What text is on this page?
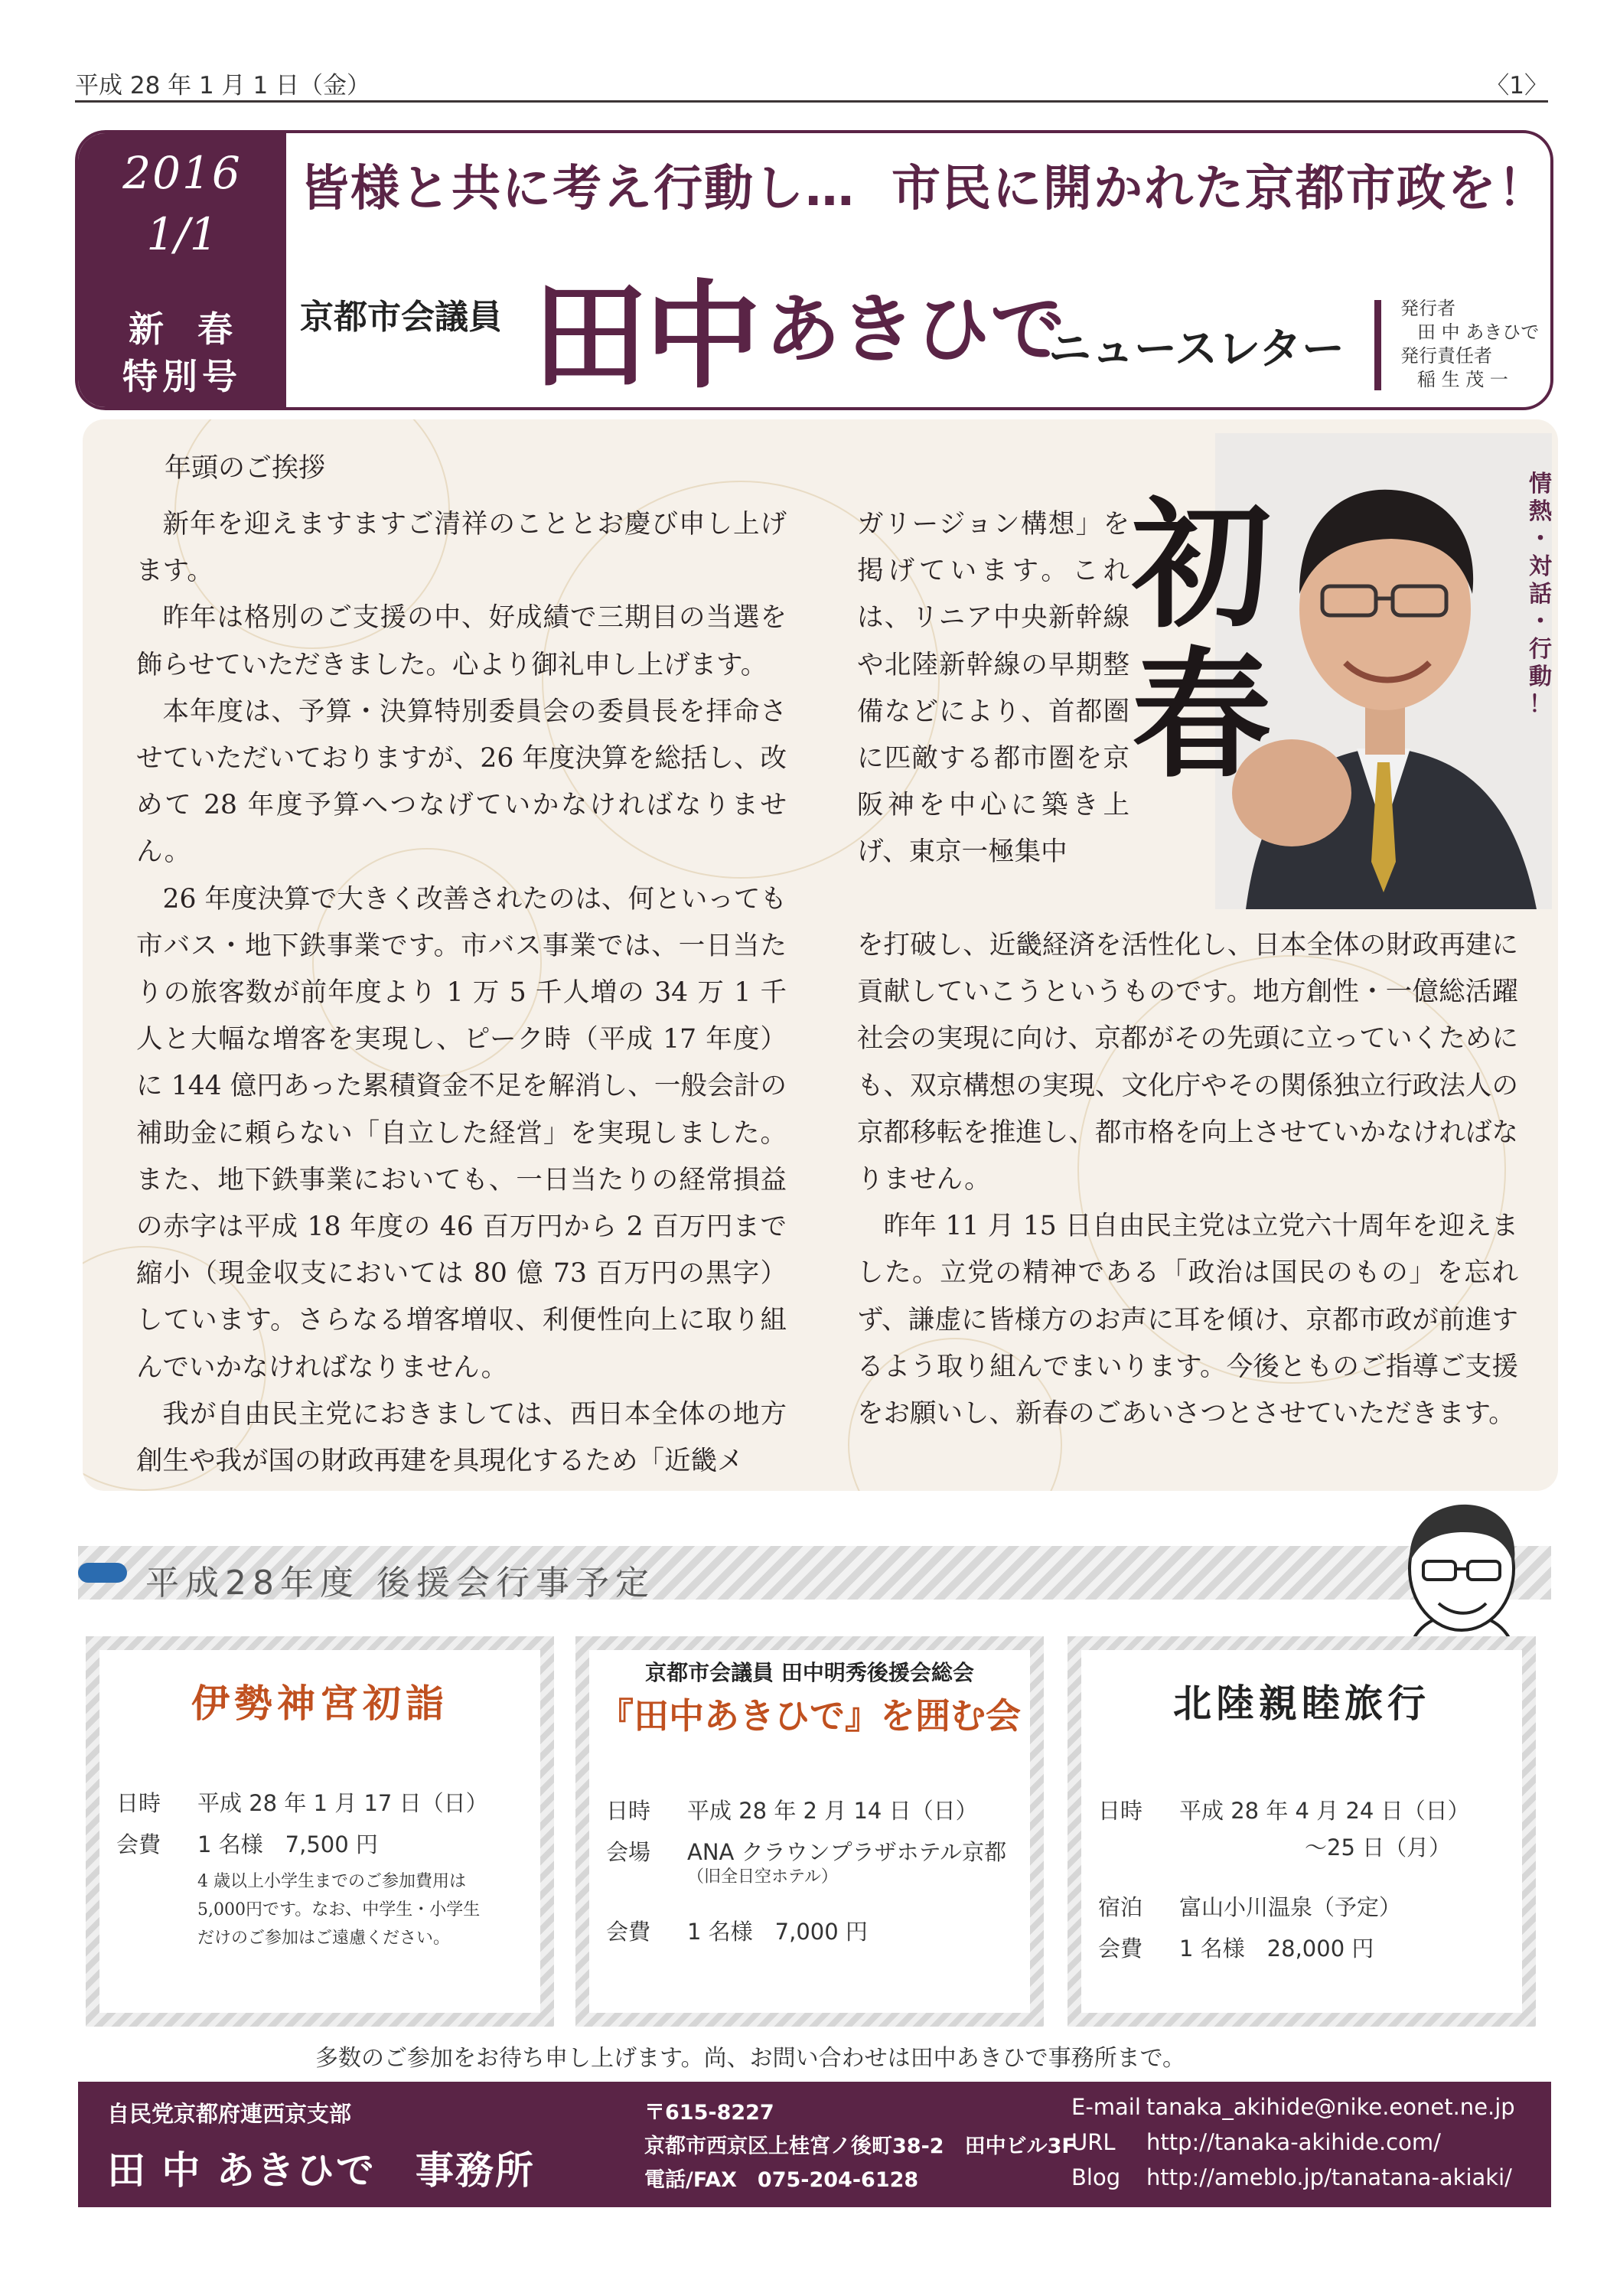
平成 28 年 1 月 1 日（金）	〈1〉
2016
1/1
新春
特別号
皆様と共に考え行動し… 市民に開かれた京都市政を！
京都市会議員 田中 あきひで
ニュースレター
発行者
田 中 あきひで
発行責任者
稲 生 茂 一
年頭のご挨拶

新年を迎えますますご清祥のこととお慶び申し上げます。

昨年は格別のご支援の中、好成績で三期目の当選を飾らせていただきました。心より御礼申し上げます。

本年度は、予算・決算特別委員会の委員長を拝命させていただいておりますが、26 年度決算を総括し、改めて 28 年度予算へつなげていかなければなりません。

26 年度決算で大きく改善されたのは、何といっても市バス・地下鉄事業です。市バス事業では、一日当たりの旅客数が前年度より 1 万 5 千人増の 34 万 1 千人と大幅な増客を実現し、ピーク時（平成 17 年度）に 144 億円あった累積資金不足を解消し、一般会計の補助金に頼らない「自立した経営」を実現しました。また、地下鉄事業においても、一日当たりの経常損益の赤字は平成 18 年度の 46 百万円から 2 百万円まで縮小（現金収支においては 80 億 73 百万円の黒字）しています。さらなる増客増収、利便性向上に取り組んでいかなければなりません。

我が自由民主党におきましては、西日本全体の地方創生や我が国の財政再建を具現化するため「近畿メ

ガリージョン構想」を掲げています。これは、リニア中央新幹線や北陸新幹線の早期整備などにより、首都圏に匹敵する都市圏を京阪神を中心に築き上げ、東京一極集中

を打破し、近畿経済を活性化し、日本全体の財政再建に貢献していこうというものです。地方創性・一億総活躍社会の実現に向け、京都がその先頭に立っていくためにも、双京構想の実現、文化庁やその関係独立行政法人の京都移転を推進し、都市格を向上させていかなければなりません。

昨年 11 月 15 日自由民主党は立党六十周年を迎えました。立党の精神である「政治は国民のもの」を忘れず、謙虚に皆様方のお声に耳を傾け、京都市政が前進するよう取り組んでまいります。今後とものご指導ご支援をお願いし、新春のごあいさつとさせていただきます。

初
春
情
熱
・
対
話
・
行
動
！
平成28年度 後援会行事予定
伊勢神宮初詣
日時 平成 28 年 1 月 17 日（日）
会費 1 名様　7,500 円
4 歳以上小学生までのご参加費用は5,000円です。なお、中学生・小学生だけのご参加はご遠慮ください。
京都市会議員 田中明秀後援会総会
『田中あきひで』を囲む会
日時 平成 28 年 2 月 14 日（日）
会場 ANA クラウンプラザホテル京都
（旧全日空ホテル）
会費 1 名様　7,000 円
北陸親睦旅行
日時 平成 28 年 4 月 24 日（日）
〜25 日（月）
宿泊 富山小川温泉（予定）
会費 1 名様　28,000 円
多数のご参加をお待ち申し上げます。尚、お問い合わせは田中あきひで事務所まで。
自民党京都府連西京支部
田 中 あきひで　事務所
〒615-8227
京都市西京区上桂宮ノ後町38-2　田中ビル3F
電話/FAX　075-204-6128
E-mail tanaka_akihide@nike.eonet.ne.jp
URL http://tanaka-akihide.com/
Blog http://ameblo.jp/tanatana-akiaki/
